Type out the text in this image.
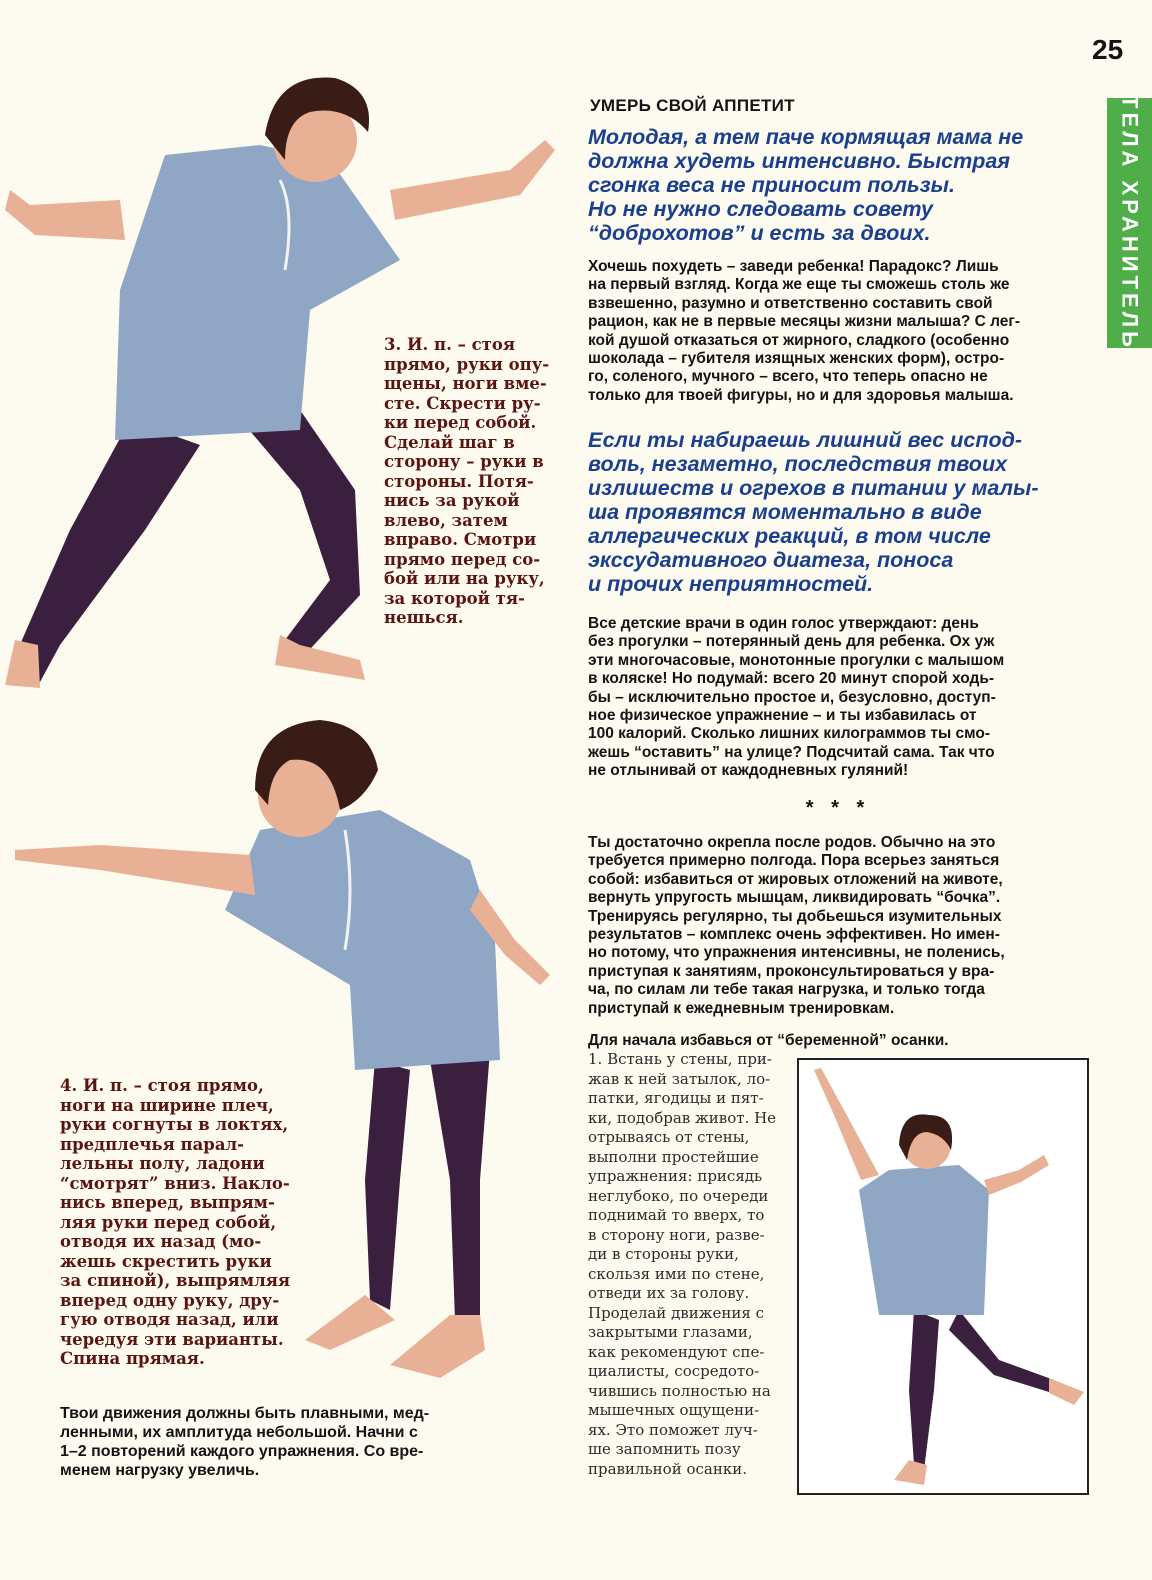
25
ТЕЛА ХРАНИТЕЛЬ
УМЕРЬ СВОЙ АППЕТИТ
Молодая, а тем паче кормящая мама не
должна худеть интенсивно. Быстрая
сгонка веса не приносит пользы.
Но не нужно следовать совету
“доброхотов” и есть за двоих.
Хочешь похудеть – заведи ребенка! Парадокс? Лишь
на первый взгляд. Когда же еще ты сможешь столь же
взвешенно, разумно и ответственно составить свой
рацион, как не в первые месяцы жизни малыша? С лег-
кой душой отказаться от жирного, сладкого (особенно
шоколада – губителя изящных женских форм), остро-
го, соленого, мучного – всего, что теперь опасно не
только для твоей фигуры, но и для здоровья малыша.
Если ты набираешь лишний вес испод-
воль, незаметно, последствия твоих
излишеств и огрехов в питании у малы-
ша проявятся моментально в виде
аллергических реакций, в том числе
экссудативного диатеза, поноса
и прочих неприятностей.
Все детские врачи в один голос утверждают: день
без прогулки – потерянный день для ребенка. Ох уж
эти многочасовые, монотонные прогулки с малышом
в коляске! Но подумай: всего 20 минут спорой ходь-
бы – исключительно простое и, безусловно, доступ-
ное физическое упражнение – и ты избавилась от
100 калорий. Сколько лишних килограммов ты смо-
жешь “оставить” на улице? Подсчитай сама. Так что
не отлынивай от каждодневных гуляний!
* * *
Ты достаточно окрепла после родов. Обычно на это
требуется примерно полгода. Пора всерьез заняться
собой: избавиться от жировых отложений на животе,
вернуть упругость мышцам, ликвидировать “бочка”.
Тренируясь регулярно, ты добьешься изумительных
результатов – комплекс очень эффективен. Но имен-
но потому, что упражнения интенсивны, не поленись,
приступая к занятиям, проконсультироваться у вра-
ча, по силам ли тебе такая нагрузка, и только тогда
приступай к ежедневным тренировкам.
Для начала избавься от “беременной” осанки.
3. И. п. – стоя
прямо, руки опу-
щены, ноги вме-
сте. Скрести ру-
ки перед собой.
Сделай шаг в
сторону – руки в
стороны. Потя-
нись за рукой
влево, затем
вправо. Смотри
прямо перед со-
бой или на руку,
за которой тя-
нешься.
4. И. п. – стоя прямо,
ноги на ширине плеч,
руки согнуты в локтях,
предплечья парал-
лельны полу, ладони
“смотрят” вниз. Накло-
нись вперед, выпрям-
ляя руки перед собой,
отводя их назад (мо-
жешь скрестить руки
за спиной), выпрямляя
вперед одну руку, дру-
гую отводя назад, или
чередуя эти варианты.
Спина прямая.
Твои движения должны быть плавными, мед-
ленными, их амплитуда небольшой. Начни с
1–2 повторений каждого упражнения. Со вре-
менем нагрузку увеличь.
1. Встань у стены, при-
жав к ней затылок, ло-
патки, ягодицы и пят-
ки, подобрав живот. Не
отрываясь от стены,
выполни простейшие
упражнения: присядь
неглубоко, по очереди
поднимай то вверх, то
в сторону ноги, разве-
ди в стороны руки,
скользя ими по стене,
отведи их за голову.
Проделай движения с
закрытыми глазами,
как рекомендуют спе-
циалисты, сосредото-
чившись полностью на
мышечных ощущени-
ях. Это поможет луч-
ше запомнить позу
правильной осанки.
